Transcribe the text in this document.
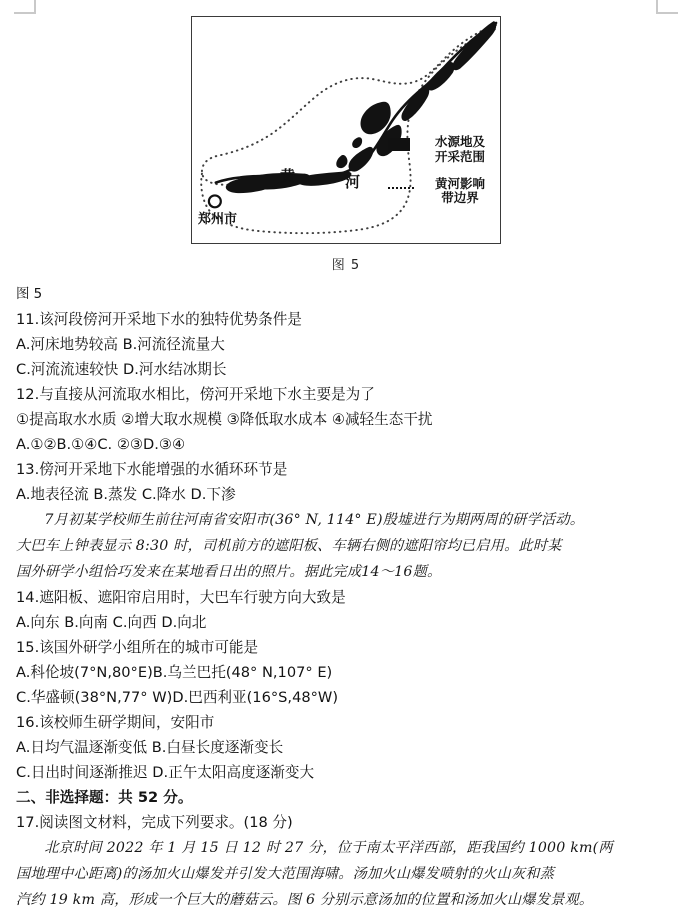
黄	河
郑州市
水源地及
开采范围
黄河影响
带边界
图 5
图 5
11.该河段傍河开采地下水的独特优势条件是
A.河床地势较高 B.河流径流量大
C.河流流速较快 D.河水结冰期长
12.与直接从河流取水相比，傍河开采地下水主要是为了
①提高取水水质 ②增大取水规模 ③降低取水成本 ④减轻生态干扰
A.①②B.①④C. ②③D.③④
13.傍河开采地下水能增强的水循环环节是
A.地表径流 B.蒸发 C.降水 D.下渗

7月初某学校师生前往河南省安阳市(36° N, 114° E)殷墟进行为期两周的研学活动。

大巴车上钟表显示 8:30 时，司机前方的遮阳板、车辆右侧的遮阳帘均已启用。此时某

国外研学小组恰巧发来在某地看日出的照片。据此完成14～16题。

14.遮阳板、遮阳帘启用时，大巴车行驶方向大致是
A.向东 B.向南 C.向西 D.向北
15.该国外研学小组所在的城市可能是
A.科伦坡(7°N,80°E)B.乌兰巴托(48° N,107° E)
C.华盛顿(38°N,77° W)D.巴西利亚(16°S,48°W)
16.该校师生研学期间，安阳市
A.日均气温逐渐变低 B.白昼长度逐渐变长
C.日出时间逐渐推迟 D.正午太阳高度逐渐变大
二、非选择题：共 52 分。
17.阅读图文材料，完成下列要求。(18 分)

北京时间 2022 年 1 月 15 日 12 时 27 分，位于南太平洋西部，距我国约 1000 km(两

国地理中心距离)的汤加火山爆发并引发大范围海啸。汤加火山爆发喷射的火山灰和蒸

汽约 19 km 高，形成一个巨大的蘑菇云。图 6 分别示意汤加的位置和汤加火山爆发景观。
